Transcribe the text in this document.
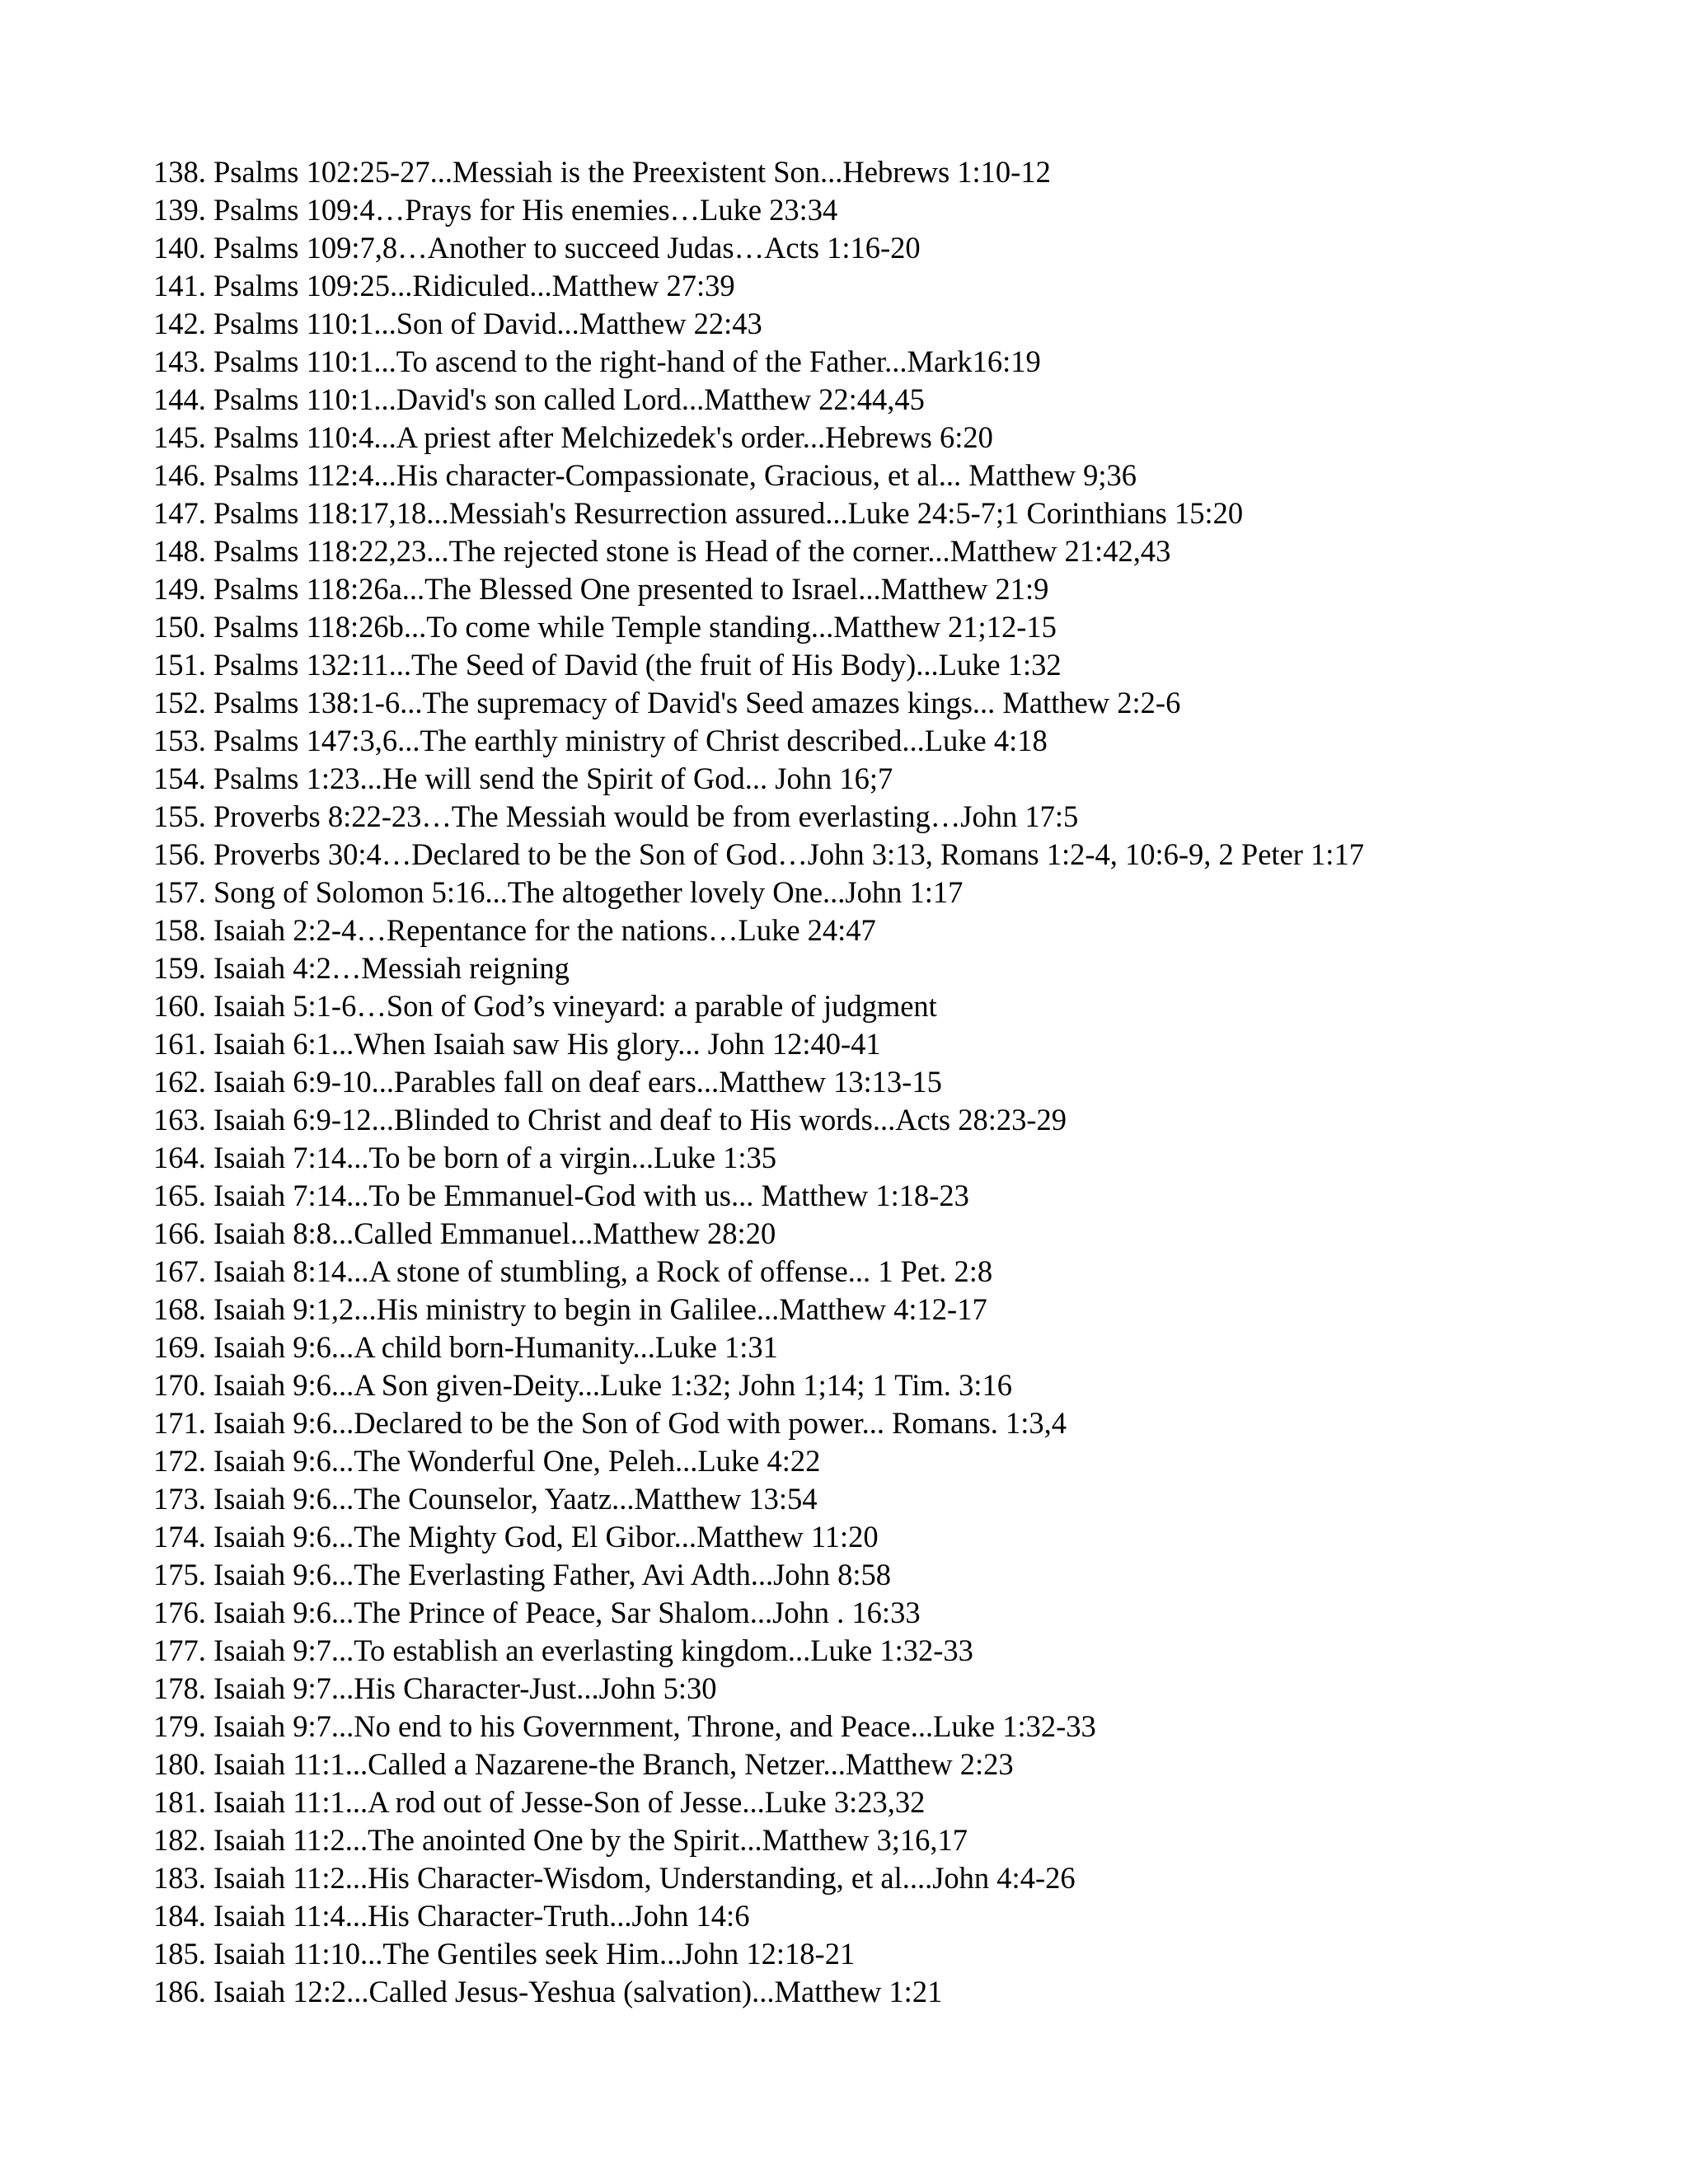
138. Psalms 102:25-27...Messiah is the Preexistent Son...Hebrews 1:10-12
139. Psalms 109:4…Prays for His enemies…Luke 23:34
140. Psalms 109:7,8…Another to succeed Judas…Acts 1:16-20
141. Psalms 109:25...Ridiculed...Matthew 27:39
142. Psalms 110:1...Son of David...Matthew 22:43
143. Psalms 110:1...To ascend to the right-hand of the Father...Mark16:19
144. Psalms 110:1...David's son called Lord...Matthew 22:44,45
145. Psalms 110:4...A priest after Melchizedek's order...Hebrews 6:20
146. Psalms 112:4...His character-Compassionate, Gracious, et al... Matthew 9;36
147. Psalms 118:17,18...Messiah's Resurrection assured...Luke 24:5-7;1 Corinthians 15:20
148. Psalms 118:22,23...The rejected stone is Head of the corner...Matthew 21:42,43
149. Psalms 118:26a...The Blessed One presented to Israel...Matthew 21:9
150. Psalms 118:26b...To come while Temple standing...Matthew 21;12-15
151. Psalms 132:11...The Seed of David (the fruit of His Body)...Luke 1:32
152. Psalms 138:1-6...The supremacy of David's Seed amazes kings... Matthew 2:2-6
153. Psalms 147:3,6...The earthly ministry of Christ described...Luke 4:18
154. Psalms 1:23...He will send the Spirit of God... John 16;7
155. Proverbs 8:22-23…The Messiah would be from everlasting…John 17:5
156. Proverbs 30:4…Declared to be the Son of God…John 3:13, Romans 1:2-4, 10:6-9, 2 Peter 1:17
157. Song of Solomon 5:16...The altogether lovely One...John 1:17
158. Isaiah 2:2-4…Repentance for the nations…Luke 24:47
159. Isaiah 4:2…Messiah reigning
160. Isaiah 5:1-6…Son of God’s vineyard: a parable of judgment
161. Isaiah 6:1...When Isaiah saw His glory... John 12:40-41
162. Isaiah 6:9-10...Parables fall on deaf ears...Matthew 13:13-15
163. Isaiah 6:9-12...Blinded to Christ and deaf to His words...Acts 28:23-29
164. Isaiah 7:14...To be born of a virgin...Luke 1:35
165. Isaiah 7:14...To be Emmanuel-God with us... Matthew 1:18-23
166. Isaiah 8:8...Called Emmanuel...Matthew 28:20
167. Isaiah 8:14...A stone of stumbling, a Rock of offense... 1 Pet. 2:8
168. Isaiah 9:1,2...His ministry to begin in Galilee...Matthew 4:12-17
169. Isaiah 9:6...A child born-Humanity...Luke 1:31
170. Isaiah 9:6...A Son given-Deity...Luke 1:32; John 1;14; 1 Tim. 3:16
171. Isaiah 9:6...Declared to be the Son of God with power... Romans. 1:3,4
172. Isaiah 9:6...The Wonderful One, Peleh...Luke 4:22
173. Isaiah 9:6...The Counselor, Yaatz...Matthew 13:54
174. Isaiah 9:6...The Mighty God, El Gibor...Matthew 11:20
175. Isaiah 9:6...The Everlasting Father, Avi Adth...John 8:58
176. Isaiah 9:6...The Prince of Peace, Sar Shalom...John . 16:33
177. Isaiah 9:7...To establish an everlasting kingdom...Luke 1:32-33
178. Isaiah 9:7...His Character-Just...John 5:30
179. Isaiah 9:7...No end to his Government, Throne, and Peace...Luke 1:32-33
180. Isaiah 11:1...Called a Nazarene-the Branch, Netzer...Matthew 2:23
181. Isaiah 11:1...A rod out of Jesse-Son of Jesse...Luke 3:23,32
182. Isaiah 11:2...The anointed One by the Spirit...Matthew 3;16,17
183. Isaiah 11:2...His Character-Wisdom, Understanding, et al....John 4:4-26
184. Isaiah 11:4...His Character-Truth...John 14:6
185. Isaiah 11:10...The Gentiles seek Him...John 12:18-21
186. Isaiah 12:2...Called Jesus-Yeshua (salvation)...Matthew 1:21
